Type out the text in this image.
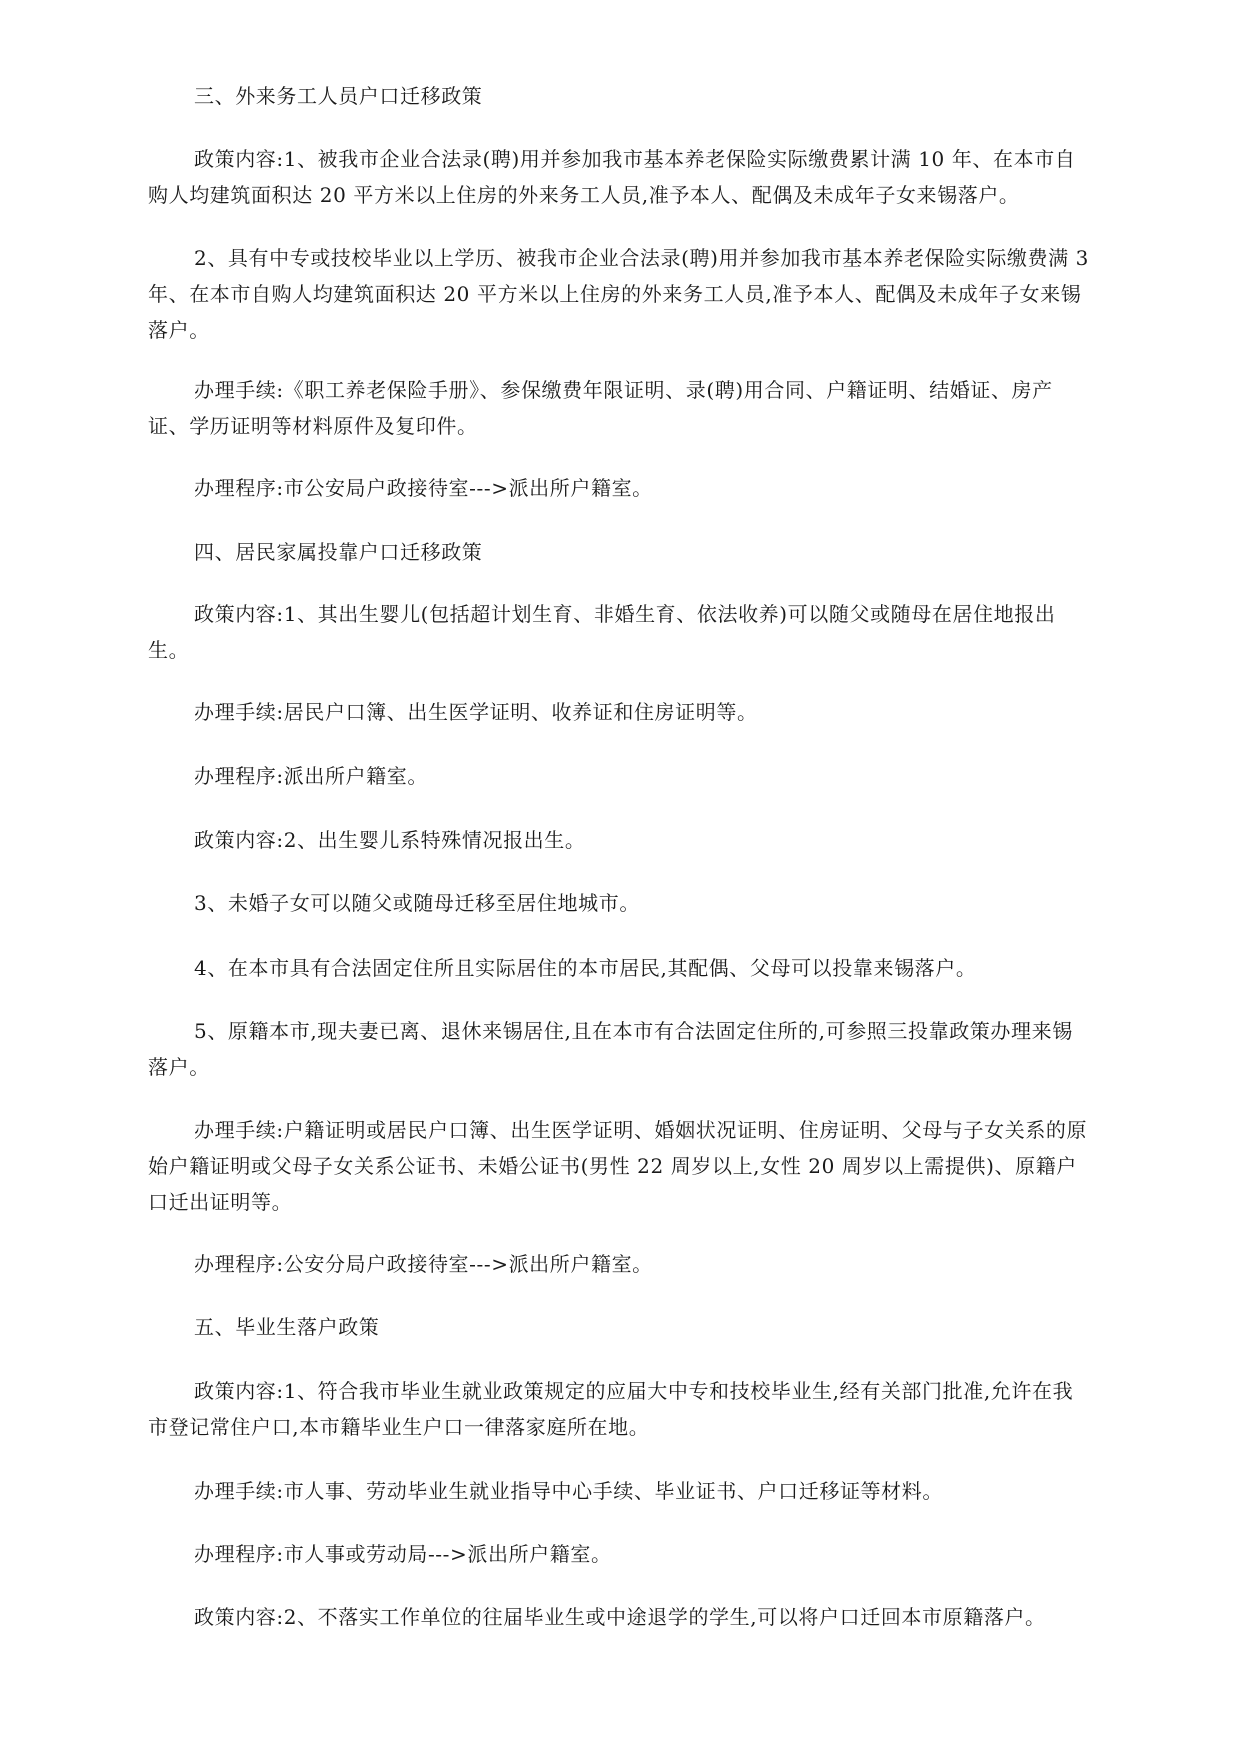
三、外来务工人员户口迁移政策

政策内容:1、被我市企业合法录(聘)用并参加我市基本养老保险实际缴费累计满 10 年、在本市自购人均建筑面积达 20 平方米以上住房的外来务工人员,准予本人、配偶及未成年子女来锡落户。

2、具有中专或技校毕业以上学历、被我市企业合法录(聘)用并参加我市基本养老保险实际缴费满 3 年、在本市自购人均建筑面积达 20 平方米以上住房的外来务工人员,准予本人、配偶及未成年子女来锡落户。

办理手续:《职工养老保险手册》、参保缴费年限证明、录(聘)用合同、户籍证明、结婚证、房产证、学历证明等材料原件及复印件。

办理程序:市公安局户政接待室--->派出所户籍室。

四、居民家属投靠户口迁移政策

政策内容:1、其出生婴儿(包括超计划生育、非婚生育、依法收养)可以随父或随母在居住地报出生。

办理手续:居民户口簿、出生医学证明、收养证和住房证明等。

办理程序:派出所户籍室。

政策内容:2、出生婴儿系特殊情况报出生。

3、未婚子女可以随父或随母迁移至居住地城市。

4、在本市具有合法固定住所且实际居住的本市居民,其配偶、父母可以投靠来锡落户。

5、原籍本市,现夫妻已离、退休来锡居住,且在本市有合法固定住所的,可参照三投靠政策办理来锡落户。

办理手续:户籍证明或居民户口簿、出生医学证明、婚姻状况证明、住房证明、父母与子女关系的原始户籍证明或父母子女关系公证书、未婚公证书(男性 22 周岁以上,女性 20 周岁以上需提供)、原籍户口迁出证明等。

办理程序:公安分局户政接待室--->派出所户籍室。

五、毕业生落户政策

政策内容:1、符合我市毕业生就业政策规定的应届大中专和技校毕业生,经有关部门批准,允许在我市登记常住户口,本市籍毕业生户口一律落家庭所在地。

办理手续:市人事、劳动毕业生就业指导中心手续、毕业证书、户口迁移证等材料。

办理程序:市人事或劳动局--->派出所户籍室。

政策内容:2、不落实工作单位的往届毕业生或中途退学的学生,可以将户口迁回本市原籍落户。
